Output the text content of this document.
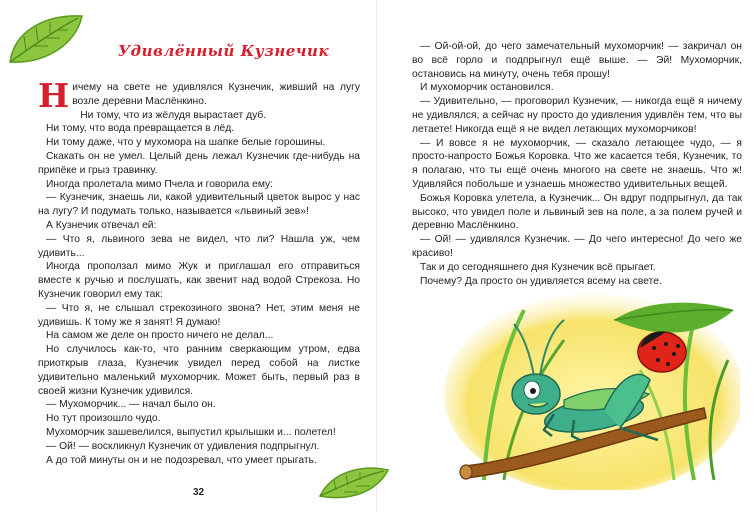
Удивлённый Кузнечик

Ничему на свете не удивлялся Кузнечик, живший на лугу возле деревни Маслёнкино.

Ни тому, что из жёлудя вырастает дуб.

Ни тому, что вода превращается в лёд.

Ни тому даже, что у мухомора на шапке белые горошины.

Скакать он не умел. Целый день лежал Кузнечик где-нибудь на припёке и грыз травинку.

Иногда пролетала мимо Пчела и говорила ему:

— Кузнечик, знаешь ли, какой удивительный цветок вырос у нас на лугу? И подумать только, называется «львиный зев»!

А Кузнечик отвечал ей:

— Что я, львиного зева не видел, что ли? Нашла уж, чем удивить...

Иногда проползал мимо Жук и приглашал его отправиться вместе к ручью и послушать, как звенит над водой Стрекоза. Но Кузнечик говорил ему так:

— Что я, не слышал стрекозиного звона? Нет, этим меня не удивишь. К тому же я занят! Я думаю!

На самом же деле он просто ничего не делал...

Но случилось как-то, что ранним сверкающим утром, едва приоткрыв глаза, Кузнечик увидел перед собой на листке удивительно маленький мухоморчик. Может быть, первый раз в своей жизни Кузнечик удивился.

— Мухоморчик... — начал было он.

Но тут произошло чудо.

Мухоморчик зашевелился, выпустил крылышки и... полетел!

— Ой! — воскликнул Кузнечик от удивления подпрыгнул.

А до той минуты он и не подозревал, что умеет прыгать.

32

— Ой-ой-ой, до чего замечательный мухоморчик! — закричал он во всё горло и подпрыгнул ещё выше. — Эй! Мухоморчик, остановись на минуту, очень тебя прошу!

И мухоморчик остановился.

— Удивительно, — проговорил Кузнечик, — никогда ещё я ничему не удивлялся, а сейчас ну просто до удивления удивлён тем, что вы летаете! Никогда ещё я не видел летающих мухоморчиков!

— И вовсе я не мухоморчик, — сказало летающее чудо, — я просто-напросто Божья Коровка. Что же касается тебя, Кузнечик, то я полагаю, что ты ещё очень многого на свете не знаешь. Что ж! Удивляйся побольше и узнаешь множество удивительных вещей.

Божья Коровка улетела, а Кузнечик... Он вдруг подпрыгнул, да так высоко, что увидел поле и львиный зев на поле, а за полем ручей и деревню Маслёнкино.

— Ой! — удивлялся Кузнечик. — До чего интересно! До чего же красиво!

Так и до сегодняшнего дня Кузнечик всё прыгает.

Почему? Да просто он удивляется всему на свете.
